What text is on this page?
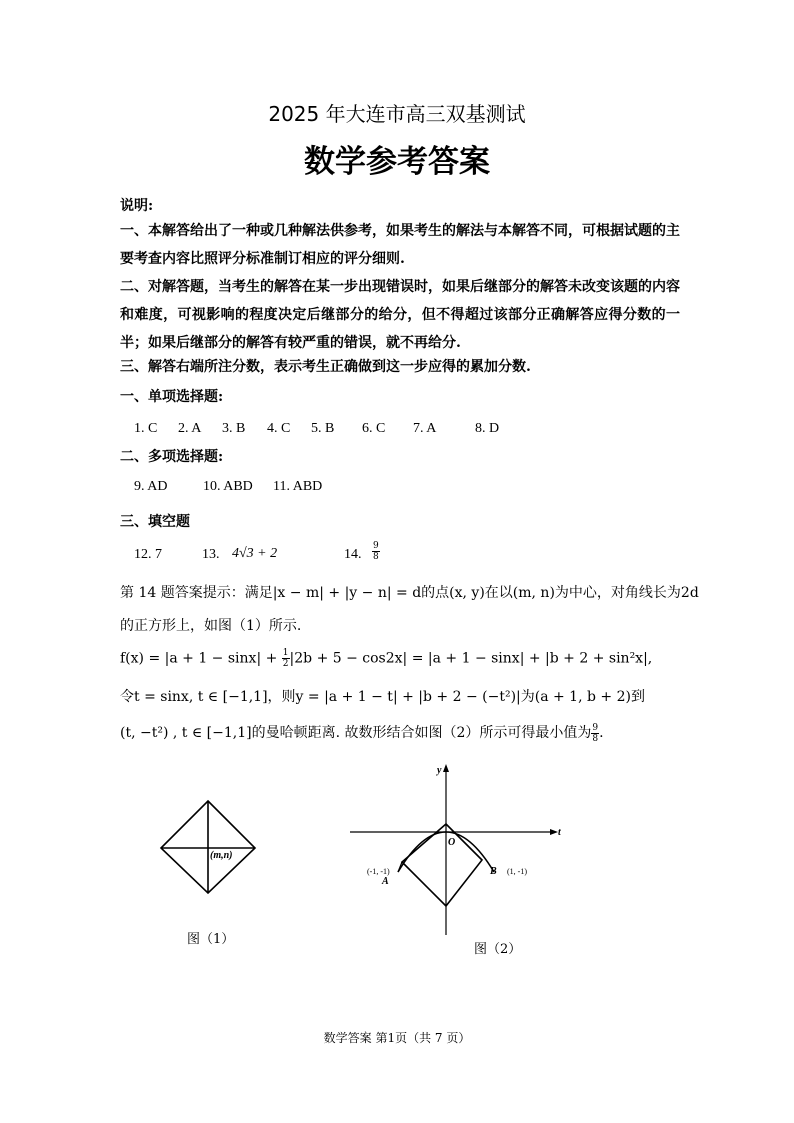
2025 年大连市高三双基测试
数学参考答案
说明:
一、本解答给出了一种或几种解法供参考，如果考生的解法与本解答不同，可根据试题的主要考查内容比照评分标准制订相应的评分细则.
二、对解答题，当考生的解答在某一步出现错误时，如果后继部分的解答未改变该题的内容和难度，可视影响的程度决定后继部分的给分，但不得超过该部分正确解答应得分数的一半；如果后继部分的解答有较严重的错误，就不再给分.
三、解答右端所注分数，表示考生正确做到这一步应得的累加分数.
一、单项选择题:
1. C 2. A 3. B 4. C 5. B 6. C 7. A	8. D
二、多项选择题:
9. AD	10. ABD 11. ABD
三、填空题
12. 7	13. 4√3 + 2	14. $\frac{9}{8}$
第 14 题答案提示：满足|x − m| + |y − n| = d的点(x, y)在以(m, n)为中心，对角线长为2d
的正方形上，如图（1）所示.
$f(x) = |a + 1 - \sin x| + \frac{1}{2} |2b + 5 - \cos 2x| = |a + 1 - \sin x| + |b + 2 + \sin^2x|$,
令t = sinx, t ∈ [−1,1]，则y = |a + 1 − t| + |b + 2 − (−t²)|为(a + 1, b + 2)到
(t, −t²) , t ∈ [−1,1]的曼哈顿距离. 故数形结合如图（2）所示可得最小值为 $\frac{9}{8}$ .
(m,n)
图（1）
y
t
O
A
(-1, -1)	B (1, -1)
图（2）
数学答案 第1页（共 7 页）
